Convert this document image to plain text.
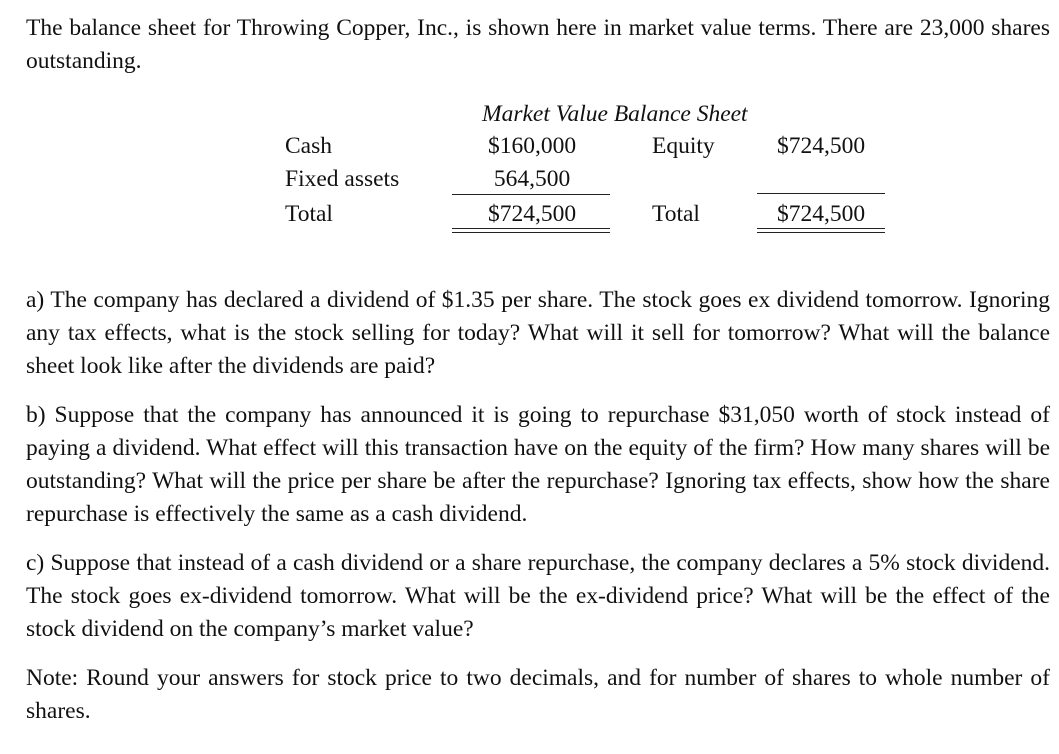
The balance sheet for Throwing Copper, Inc., is shown here in market value terms. There are 23,000 shares outstanding.

Market Value Balance Sheet
Cash	$160,000	Equity	$724,500
Fixed assets	564,500
Total	$724,500	Total	$724,500

a) The company has declared a dividend of $1.35 per share. The stock goes ex dividend tomorrow. Ignoring any tax effects, what is the stock selling for today? What will it sell for tomorrow? What will the balance sheet look like after the dividends are paid?

b) Suppose that the company has announced it is going to repurchase $31,050 worth of stock instead of paying a dividend. What effect will this transaction have on the equity of the firm? How many shares will be outstanding? What will the price per share be after the repurchase? Ignoring tax effects, show how the share repurchase is effectively the same as a cash dividend.

c) Suppose that instead of a cash dividend or a share repurchase, the company declares a 5% stock dividend. The stock goes ex-dividend tomorrow. What will be the ex-dividend price? What will be the effect of the stock dividend on the company’s market value?

Note: Round your answers for stock price to two decimals, and for number of shares to whole number of shares.
